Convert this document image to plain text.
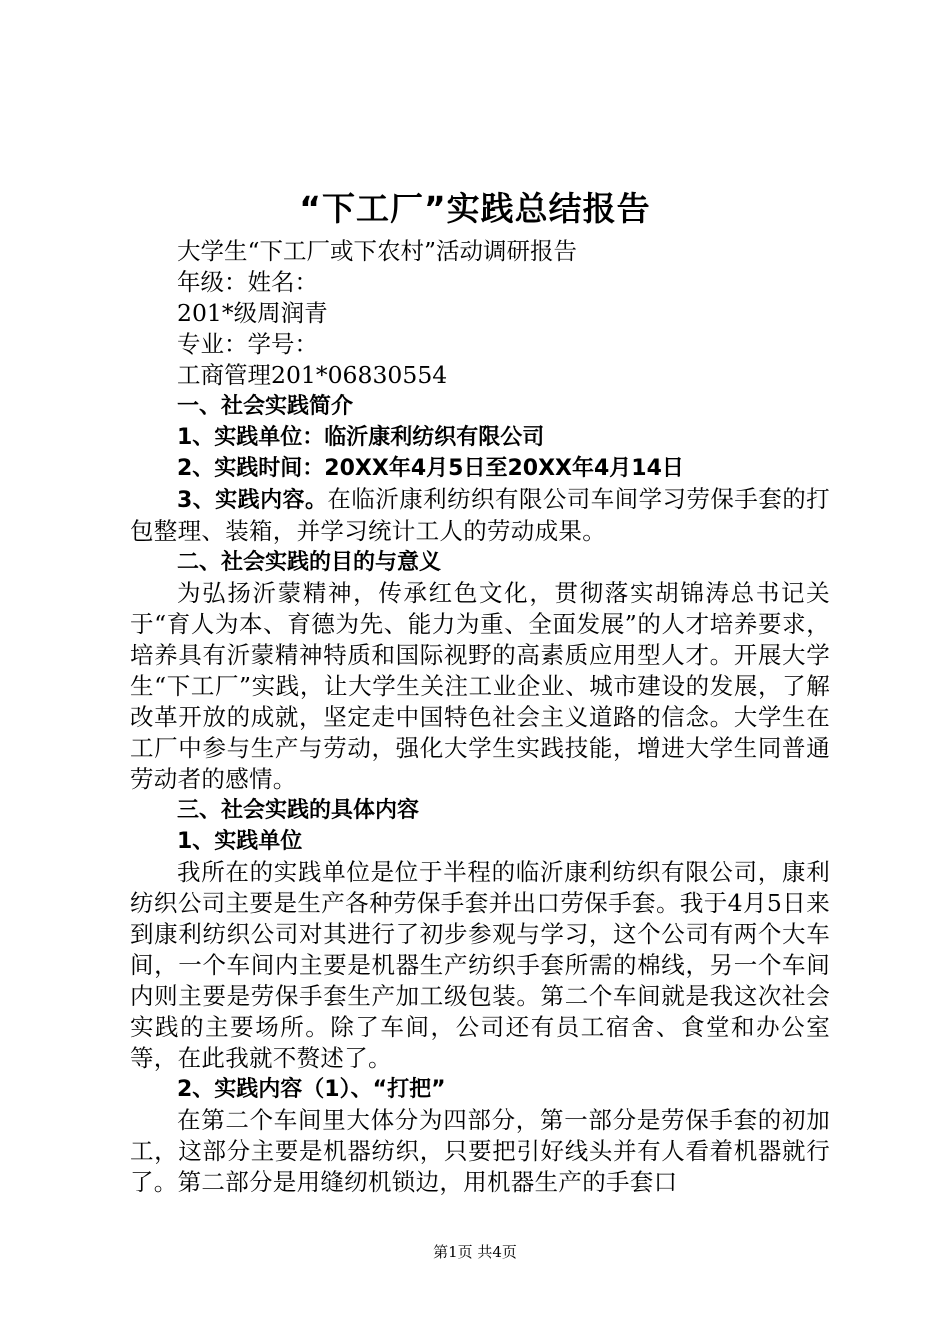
“下工厂”实践总结报告
大学生“下工厂或下农村”活动调研报告
年级：姓名：
201*级周润青
专业：学号：
工商管理201*06830554
一、社会实践简介
1、实践单位：临沂康利纺织有限公司
2、实践时间：20XX年4月5日至20XX年4月14日
3、实践内容。在临沂康利纺织有限公司车间学习劳保手套的打包整理、装箱，并学习统计工人的劳动成果。
二、社会实践的目的与意义
为弘扬沂蒙精神，传承红色文化，贯彻落实胡锦涛总书记关于“育人为本、育德为先、能力为重、全面发展”的人才培养要求，培养具有沂蒙精神特质和国际视野的高素质应用型人才。开展大学生“下工厂”实践，让大学生关注工业企业、城市建设的发展，了解改革开放的成就，坚定走中国特色社会主义道路的信念。大学生在工厂中参与生产与劳动，强化大学生实践技能，增进大学生同普通劳动者的感情。
三、社会实践的具体内容
1、实践单位
我所在的实践单位是位于半程的临沂康利纺织有限公司，康利纺织公司主要是生产各种劳保手套并出口劳保手套。我于4月5日来到康利纺织公司对其进行了初步参观与学习，这个公司有两个大车间，一个车间内主要是机器生产纺织手套所需的棉线，另一个车间内则主要是劳保手套生产加工级包装。第二个车间就是我这次社会实践的主要场所。除了车间，公司还有员工宿舍、食堂和办公室等，在此我就不赘述了。
2、实践内容（1）、“打把”
在第二个车间里大体分为四部分，第一部分是劳保手套的初加工，这部分主要是机器纺织，只要把引好线头并有人看着机器就行了。第二部分是用缝纫机锁边，用机器生产的手套口
第1页 共4页
